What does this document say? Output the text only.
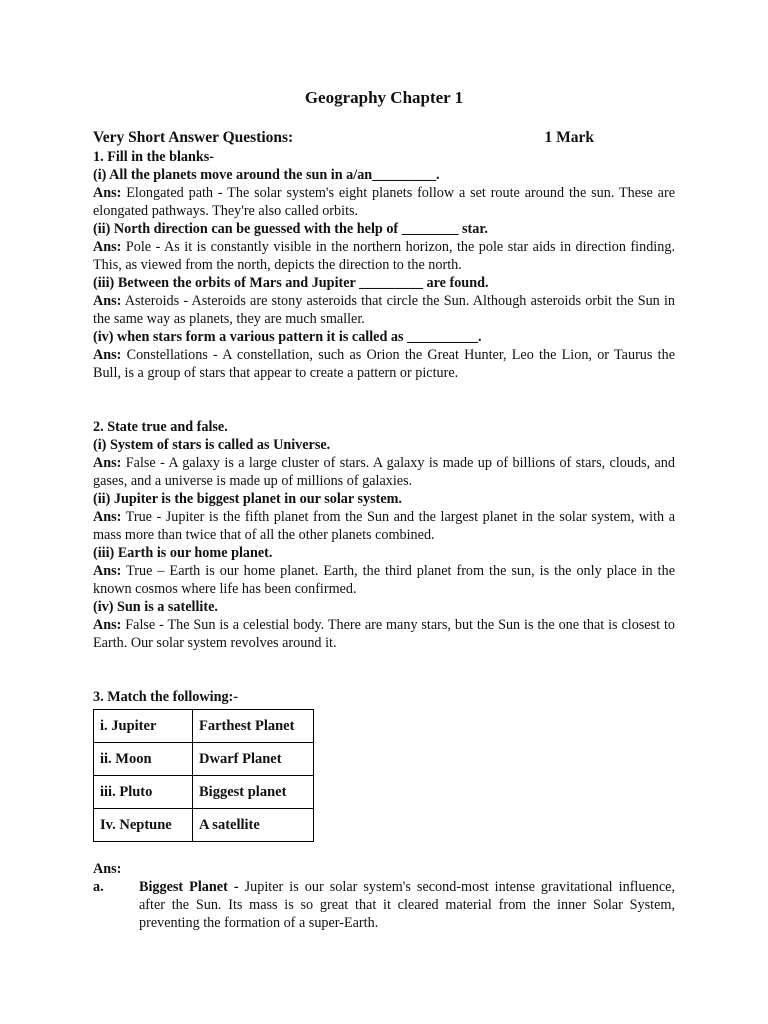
Geography Chapter 1
Very Short Answer Questions:	1 Mark
1. Fill in the blanks-
(i) All the planets move around the sun in a/an_________.

Ans: Elongated path - The solar system's eight planets follow a set route around the sun. These are elongated pathways. They're also called orbits.

(ii) North direction can be guessed with the help of ________ star.

Ans: Pole - As it is constantly visible in the northern horizon, the pole star aids in direction finding. This, as viewed from the north, depicts the direction to the north.

(iii) Between the orbits of Mars and Jupiter _________ are found.

Ans: Asteroids - Asteroids are stony asteroids that circle the Sun. Although asteroids orbit the Sun in the same way as planets, they are much smaller.

(iv) when stars form a various pattern it is called as __________.

Ans: Constellations - A constellation, such as Orion the Great Hunter, Leo the Lion, or Taurus the Bull, is a group of stars that appear to create a pattern or picture.

2. State true and false.
(i) System of stars is called as Universe.

Ans: False - A galaxy is a large cluster of stars. A galaxy is made up of billions of stars, clouds, and gases, and a universe is made up of millions of galaxies.

(ii) Jupiter is the biggest planet in our solar system.

Ans: True - Jupiter is the fifth planet from the Sun and the largest planet in the solar system, with a mass more than twice that of all the other planets combined.

(iii) Earth is our home planet.

Ans: True – Earth is our home planet. Earth, the third planet from the sun, is the only place in the known cosmos where life has been confirmed.

(iv) Sun is a satellite.

Ans: False - The Sun is a celestial body. There are many stars, but the Sun is the one that is closest to Earth. Our solar system revolves around it.

3. Match the following:-
i. Jupiter	Farthest Planet
ii. Moon	Dwarf Planet
iii. Pluto	Biggest planet
Iv. Neptune	A satellite
Ans:
a.	Biggest Planet - Jupiter is our solar system's second-most intense gravitational influence, after the Sun. Its mass is so great that it cleared material from the inner Solar System, preventing the formation of a super-Earth.
